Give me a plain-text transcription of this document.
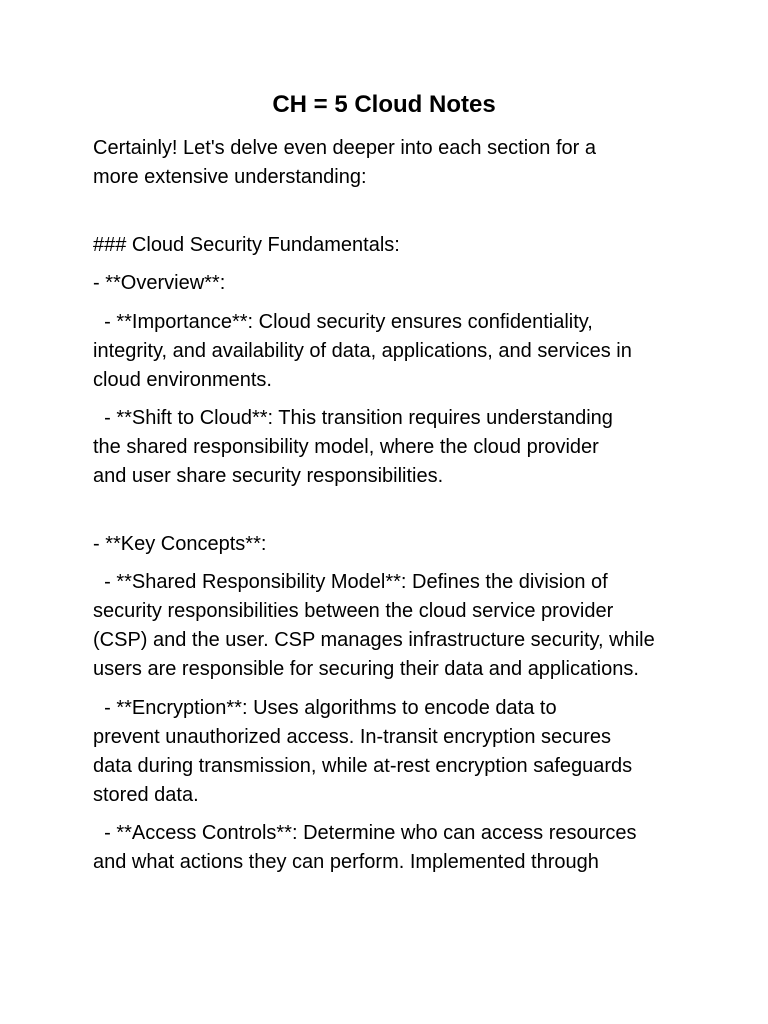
CH = 5 Cloud Notes

Certainly! Let's delve even deeper into each section for a
more extensive understanding:

### Cloud Security Fundamentals:

- **Overview**:

- **Importance**: Cloud security ensures confidentiality,
integrity, and availability of data, applications, and services in
cloud environments.

- **Shift to Cloud**: This transition requires understanding
the shared responsibility model, where the cloud provider
and user share security responsibilities.

- **Key Concepts**:

- **Shared Responsibility Model**: Defines the division of
security responsibilities between the cloud service provider
(CSP) and the user. CSP manages infrastructure security, while
users are responsible for securing their data and applications.

- **Encryption**: Uses algorithms to encode data to
prevent unauthorized access. In-transit encryption secures
data during transmission, while at-rest encryption safeguards
stored data.

- **Access Controls**: Determine who can access resources
and what actions they can perform. Implemented through
